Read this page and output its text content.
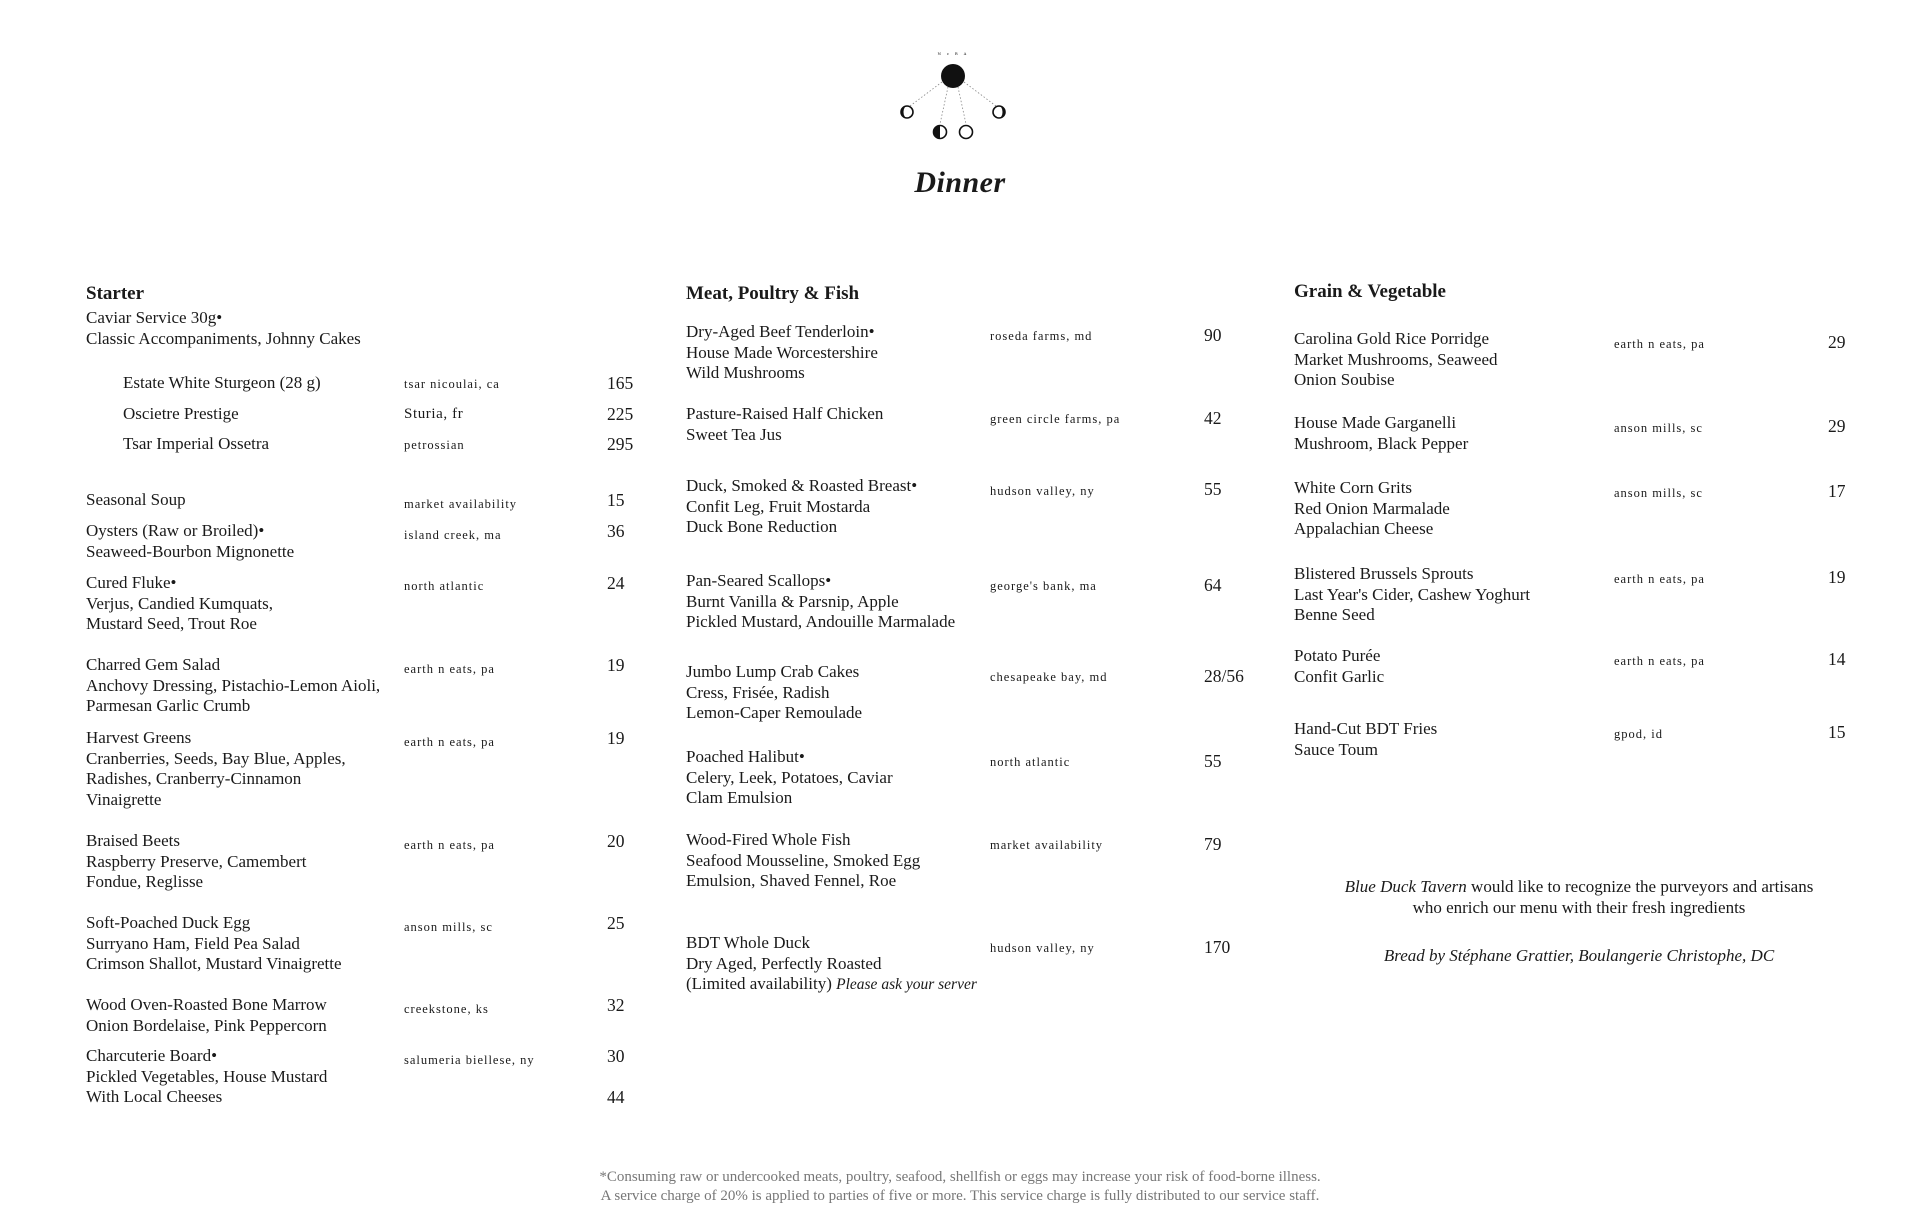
ᴺ ᶜ ᴿ ᴬ
Dinner
Starter	Meat, Poultry & Fish	Grain & Vegetable
Caviar Service 30g•
Classic Accompaniments, Johnny Cakes
Estate White Sturgeon (28 g)	tsar nicoulai, ca	165
Oscietre Prestige	Sturia, fr	225
Tsar Imperial Ossetra	petrossian	295
Seasonal Soup	market availability	15
Oysters (Raw or Broiled)•
Seaweed-Bourbon Mignonette
island creek, ma	36
Cured Fluke•
Verjus, Candied Kumquats,
Mustard Seed, Trout Roe
north atlantic	24
Charred Gem Salad
Anchovy Dressing, Pistachio-Lemon Aioli,
Parmesan Garlic Crumb
earth n eats, pa	19
Harvest Greens
Cranberries, Seeds, Bay Blue, Apples,
Radishes, Cranberry-Cinnamon
Vinaigrette
earth n eats, pa	19
Braised Beets
Raspberry Preserve, Camembert
Fondue, Reglisse
earth n eats, pa	20
Soft-Poached Duck Egg
Surryano Ham, Field Pea Salad
Crimson Shallot, Mustard Vinaigrette
anson mills, sc	25
Wood Oven-Roasted Bone Marrow
Onion Bordelaise, Pink Peppercorn
creekstone, ks	32
Charcuterie Board•
Pickled Vegetables, House Mustard
With Local Cheeses
salumeria biellese, ny	30
44
Dry-Aged Beef Tenderloin•
House Made Worcestershire
Wild Mushrooms
roseda farms, md	90
Pasture-Raised Half Chicken
Sweet Tea Jus
green circle farms, pa	42
Duck, Smoked & Roasted Breast•
Confit Leg, Fruit Mostarda
Duck Bone Reduction
hudson valley, ny	55
Pan-Seared Scallops•
Burnt Vanilla & Parsnip, Apple
Pickled Mustard, Andouille Marmalade
george's bank, ma	64
Jumbo Lump Crab Cakes
Cress, Frisée, Radish
Lemon-Caper Remoulade
chesapeake bay, md	28/56
Poached Halibut•
Celery, Leek, Potatoes, Caviar
Clam Emulsion
north atlantic	55
Wood-Fired Whole Fish
Seafood Mousseline, Smoked Egg
Emulsion, Shaved Fennel, Roe
market availability	79
BDT Whole Duck
Dry Aged, Perfectly Roasted
(Limited availability) Please ask your server
hudson valley, ny	170
Carolina Gold Rice Porridge
Market Mushrooms, Seaweed
Onion Soubise
earth n eats, pa	29
House Made Garganelli
Mushroom, Black Pepper
anson mills, sc	29
White Corn Grits
Red Onion Marmalade
Appalachian Cheese
anson mills, sc	17
Blistered Brussels Sprouts
Last Year's Cider, Cashew Yoghurt
Benne Seed
earth n eats, pa	19
Potato Purée
Confit Garlic
earth n eats, pa	14
Hand-Cut BDT Fries
Sauce Toum
gpod, id	15
Blue Duck Tavern would like to recognize the purveyors and artisans
who enrich our menu with their fresh ingredients
Bread by Stéphane Grattier, Boulangerie Christophe, DC
*Consuming raw or undercooked meats, poultry, seafood, shellfish or eggs may increase your risk of food-borne illness.
A service charge of 20% is applied to parties of five or more. This service charge is fully distributed to our service staff.
